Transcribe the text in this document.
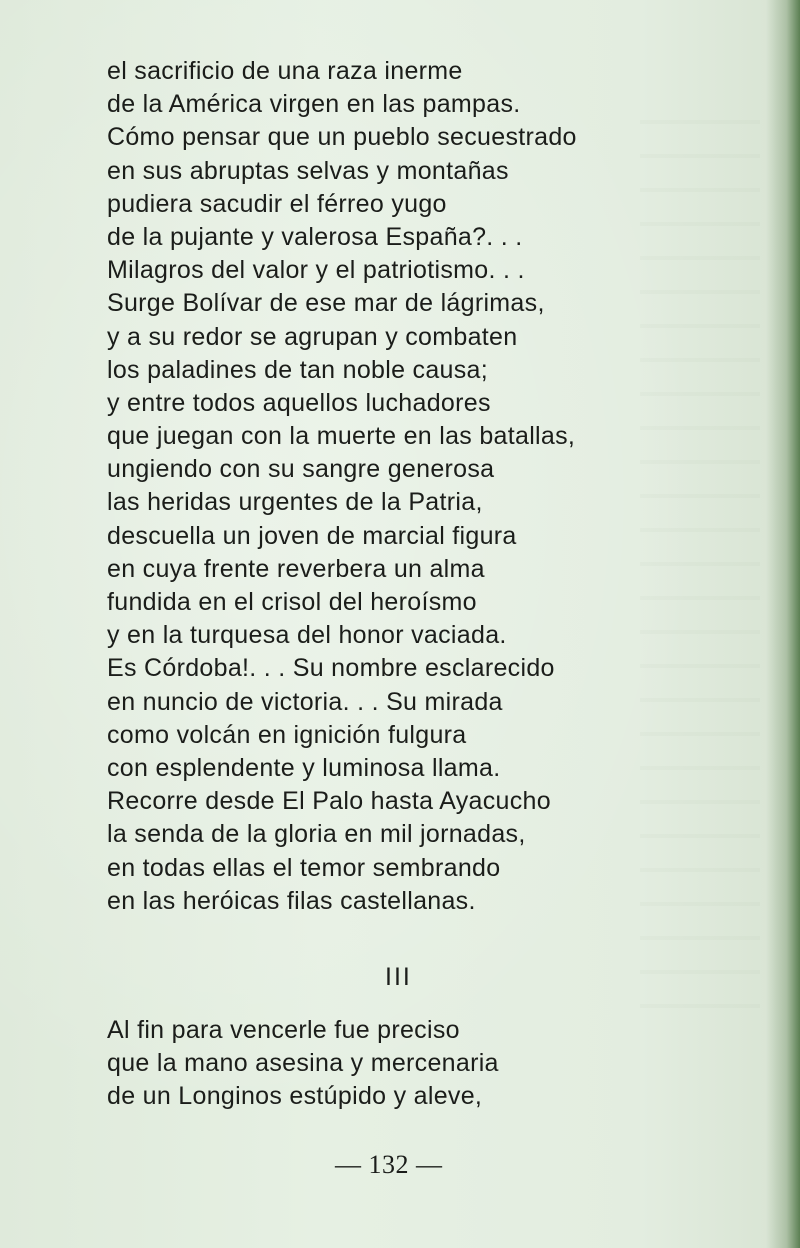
el sacrificio de una raza inerme
de la América virgen en las pampas.
Cómo pensar que un pueblo secuestrado
en sus abruptas selvas y montañas
pudiera sacudir el férreo yugo
de la pujante y valerosa España?. . .
Milagros del valor y el patriotismo. . .
Surge Bolívar de ese mar de lágrimas,
y a su redor se agrupan y combaten
los paladines de tan noble causa;
y entre todos aquellos luchadores
que juegan con la muerte en las batallas,
ungiendo con su sangre generosa
las heridas urgentes de la Patria,
descuella un joven de marcial figura
en cuya frente reverbera un alma
fundida en el crisol del heroísmo
y en la turquesa del honor vaciada.
Es Córdoba!. . . Su nombre esclarecido
en nuncio de victoria. . . Su mirada
como volcán en ignición fulgura
con esplendente y luminosa llama.
Recorre desde El Palo hasta Ayacucho
la senda de la gloria en mil jornadas,
en todas ellas el temor sembrando
en las heróicas filas castellanas.
III
Al fin para vencerle fue preciso
que la mano asesina y mercenaria
de un Longinos estúpido y aleve,
— 132 —
